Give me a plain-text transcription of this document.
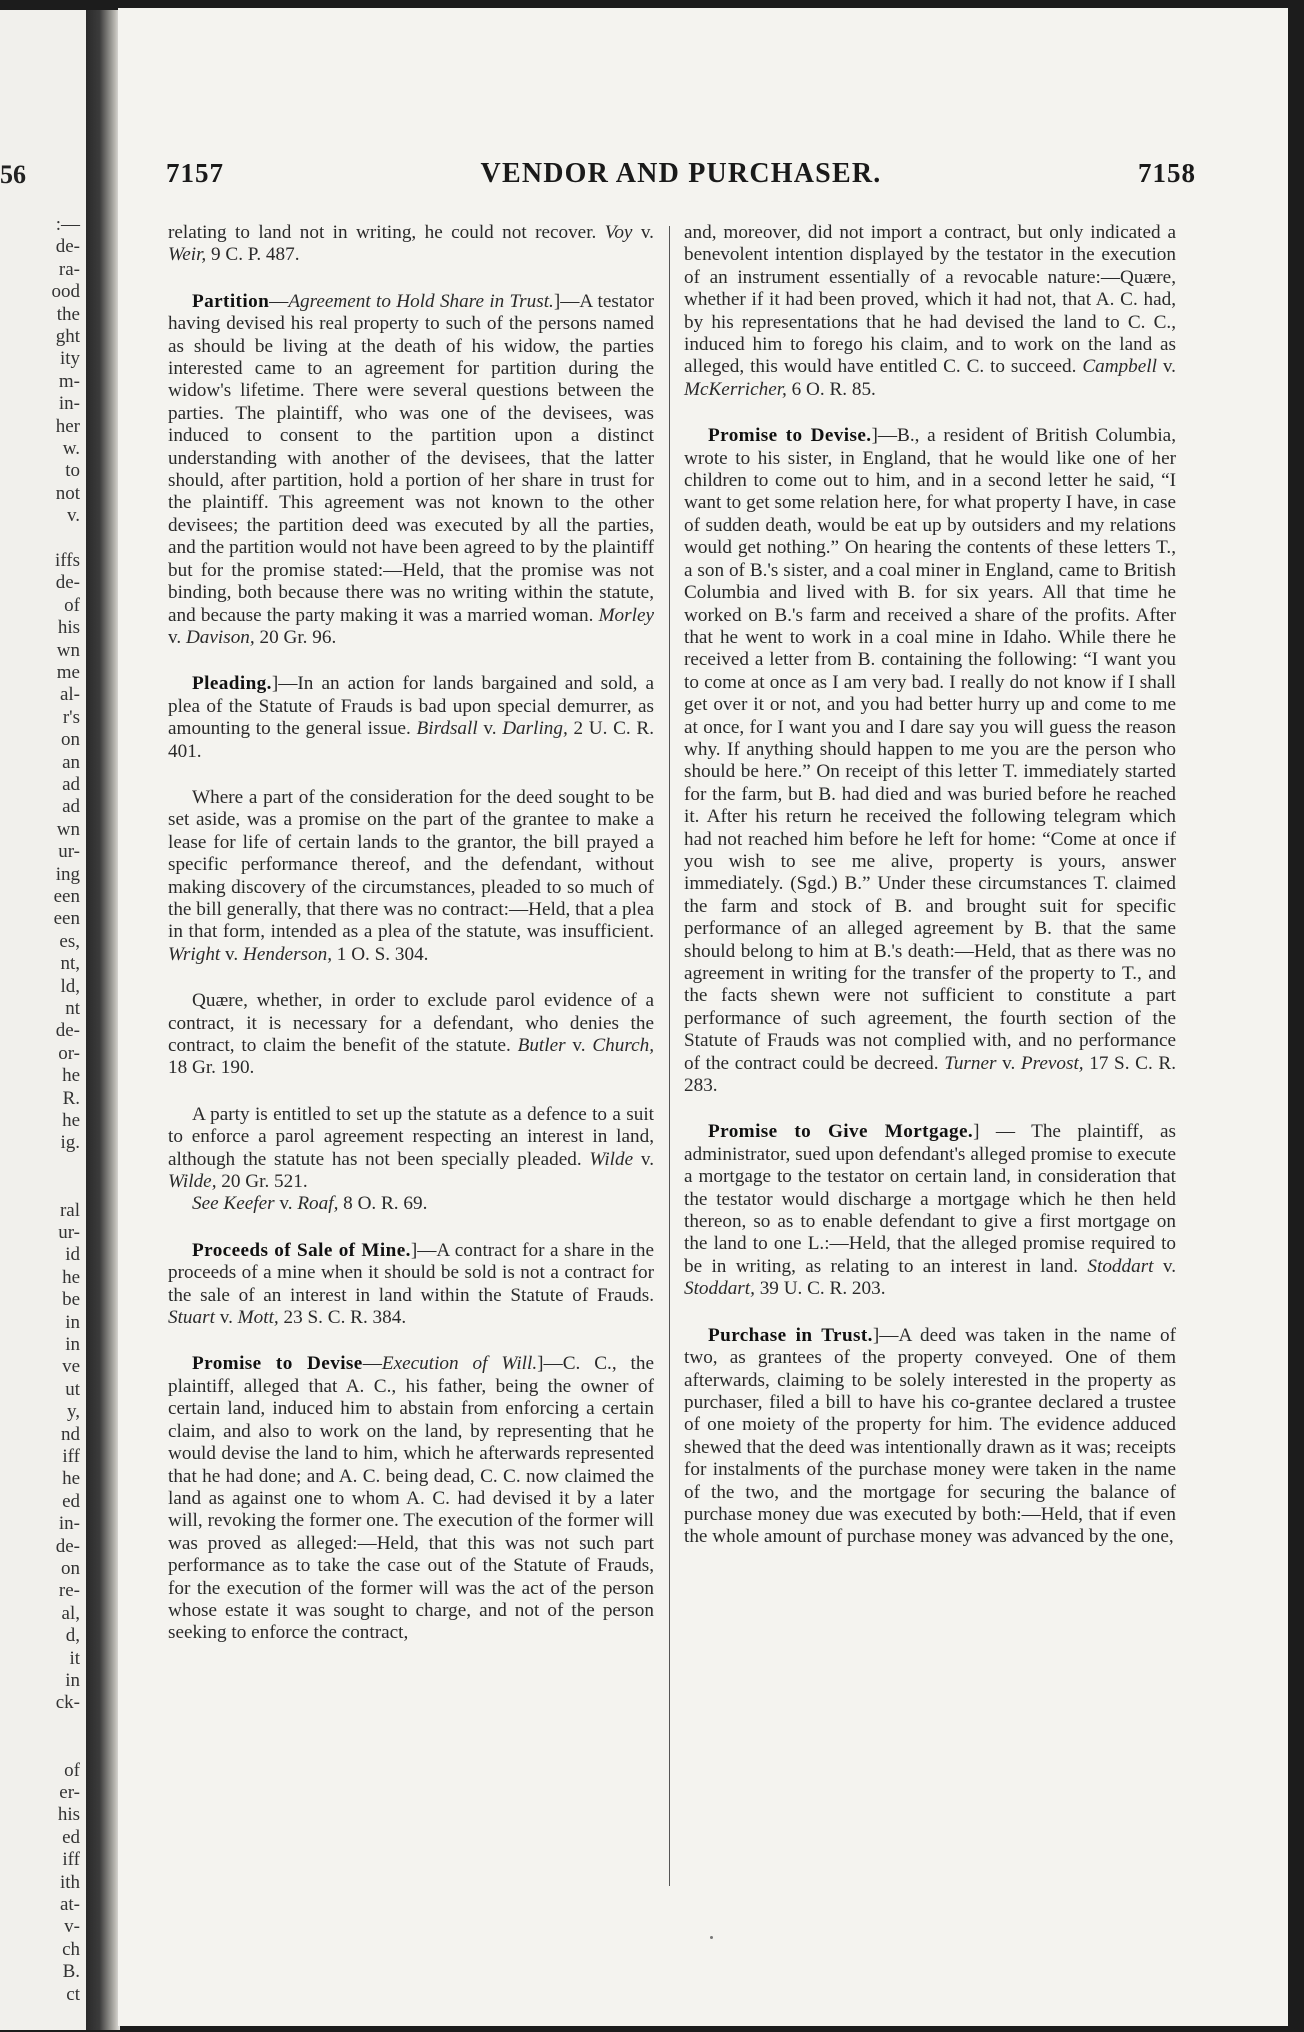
56
:—
de-
ra-
ood
the
ght
ity
m-
in-
her
w.
to
not
v.
iffs
de-
of
his
wn
me
al-
r's
on
an
ad
ad
wn
ur-
ing
een
een
es,
nt,
ld,
nt
de-
or-
he
R.
he
ig.
ral
ur-
id
he
be
in
in
ve
ut
y,
nd
iff
he
ed
in-
de-
on
re-
al,
d,
it
in
ck-
of
er-
his
ed
iff
ith
at-
v-
ch
B.
ct
7157	VENDOR AND PURCHASER.	7158

relating to land not in writing, he could not recover. Voy v. Weir, 9 C. P. 487.

Partition—Agreement to Hold Share in Trust.]—A testator having devised his real property to such of the persons named as should be living at the death of his widow, the parties interested came to an agreement for partition during the widow's lifetime. There were several questions between the parties. The plaintiff, who was one of the devisees, was induced to consent to the partition upon a distinct understanding with another of the devisees, that the latter should, after partition, hold a portion of her share in trust for the plaintiff. This agreement was not known to the other devisees; the partition deed was executed by all the parties, and the partition would not have been agreed to by the plaintiff but for the promise stated:—Held, that the promise was not binding, both because there was no writing within the statute, and because the party making it was a married woman. Morley v. Davison, 20 Gr. 96.

Pleading.]—In an action for lands bargained and sold, a plea of the Statute of Frauds is bad upon special demurrer, as amounting to the general issue. Birdsall v. Darling, 2 U. C. R. 401.

Where a part of the consideration for the deed sought to be set aside, was a promise on the part of the grantee to make a lease for life of certain lands to the grantor, the bill prayed a specific performance thereof, and the defendant, without making discovery of the circumstances, pleaded to so much of the bill generally, that there was no contract:—Held, that a plea in that form, intended as a plea of the statute, was insufficient. Wright v. Henderson, 1 O. S. 304.

Quære, whether, in order to exclude parol evidence of a contract, it is necessary for a defendant, who denies the contract, to claim the benefit of the statute. Butler v. Church, 18 Gr. 190.

A party is entitled to set up the statute as a defence to a suit to enforce a parol agreement respecting an interest in land, although the statute has not been specially pleaded. Wilde v. Wilde, 20 Gr. 521.

See Keefer v. Roaf, 8 O. R. 69.

Proceeds of Sale of Mine.]—A contract for a share in the proceeds of a mine when it should be sold is not a contract for the sale of an interest in land within the Statute of Frauds. Stuart v. Mott, 23 S. C. R. 384.

Promise to Devise—Execution of Will.]—C. C., the plaintiff, alleged that A. C., his father, being the owner of certain land, induced him to abstain from enforcing a certain claim, and also to work on the land, by representing that he would devise the land to him, which he afterwards represented that he had done; and A. C. being dead, C. C. now claimed the land as against one to whom A. C. had devised it by a later will, revoking the former one. The execution of the former will was proved as alleged:—Held, that this was not such part performance as to take the case out of the Statute of Frauds, for the execution of the former will was the act of the person whose estate it was sought to charge, and not of the person seeking to enforce the contract,

and, moreover, did not import a contract, but only indicated a benevolent intention displayed by the testator in the execution of an instrument essentially of a revocable nature:—Quære, whether if it had been proved, which it had not, that A. C. had, by his representations that he had devised the land to C. C., induced him to forego his claim, and to work on the land as alleged, this would have entitled C. C. to succeed. Campbell v. McKerricher, 6 O. R. 85.

Promise to Devise.]—B., a resident of British Columbia, wrote to his sister, in England, that he would like one of her children to come out to him, and in a second letter he said, “I want to get some relation here, for what property I have, in case of sudden death, would be eat up by outsiders and my relations would get nothing.” On hearing the contents of these letters T., a son of B.'s sister, and a coal miner in England, came to British Columbia and lived with B. for six years. All that time he worked on B.'s farm and received a share of the profits. After that he went to work in a coal mine in Idaho. While there he received a letter from B. containing the following: “I want you to come at once as I am very bad. I really do not know if I shall get over it or not, and you had better hurry up and come to me at once, for I want you and I dare say you will guess the reason why. If anything should happen to me you are the person who should be here.” On receipt of this letter T. immediately started for the farm, but B. had died and was buried before he reached it. After his return he received the following telegram which had not reached him before he left for home: “Come at once if you wish to see me alive, property is yours, answer immediately. (Sgd.) B.” Under these circumstances T. claimed the farm and stock of B. and brought suit for specific performance of an alleged agreement by B. that the same should belong to him at B.'s death:—Held, that as there was no agreement in writing for the transfer of the property to T., and the facts shewn were not sufficient to constitute a part performance of such agreement, the fourth section of the Statute of Frauds was not complied with, and no performance of the contract could be decreed. Turner v. Prevost, 17 S. C. R. 283.

Promise to Give Mortgage.] — The plaintiff, as administrator, sued upon defendant's alleged promise to execute a mortgage to the testator on certain land, in consideration that the testator would discharge a mortgage which he then held thereon, so as to enable defendant to give a first mortgage on the land to one L.:—Held, that the alleged promise required to be in writing, as relating to an interest in land. Stoddart v. Stoddart, 39 U. C. R. 203.

Purchase in Trust.]—A deed was taken in the name of two, as grantees of the property conveyed. One of them afterwards, claiming to be solely interested in the property as purchaser, filed a bill to have his co-grantee declared a trustee of one moiety of the property for him. The evidence adduced shewed that the deed was intentionally drawn as it was; receipts for instalments of the purchase money were taken in the name of the two, and the mortgage for securing the balance of purchase money due was executed by both:—Held, that if even the whole amount of purchase money was advanced by the one,
